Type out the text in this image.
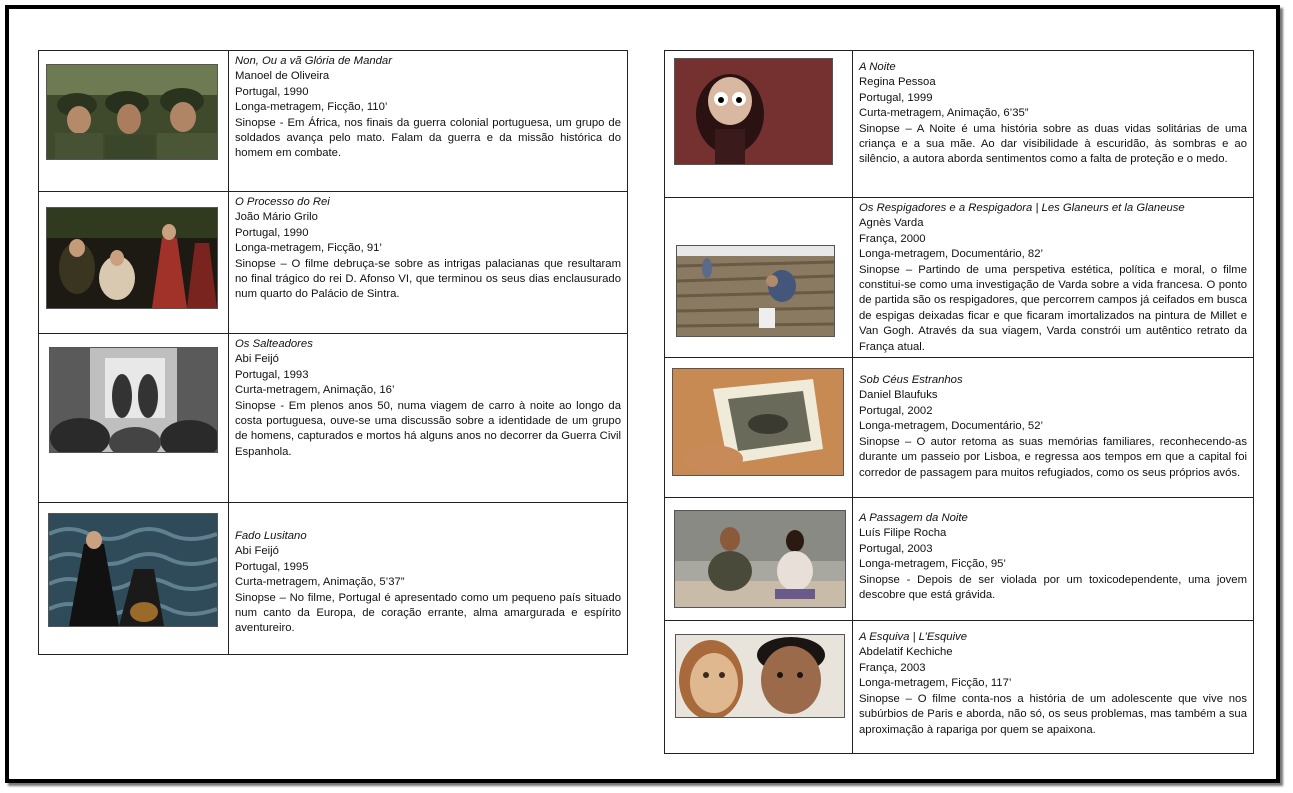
Non, Ou a vã Glória de Mandar
Manoel de Oliveira
Portugal, 1990
Longa-metragem, Ficção, 110’
Sinopse - Em África, nos finais da guerra colonial portuguesa, um grupo de soldados avança pelo mato. Falam da guerra e da missão histórica do homem em combate.

O Processo do Rei
João Mário Grilo
Portugal, 1990
Longa-metragem, Ficção, 91’
Sinopse – O filme debruça-se sobre as intrigas palacianas que resultaram no final trágico do rei D. Afonso VI, que terminou os seus dias enclausurado num quarto do Palácio de Sintra.

Os Salteadores
Abi Feijó
Portugal, 1993
Curta-metragem, Animação, 16’
Sinopse - Em plenos anos 50, numa viagem de carro à noite ao longo da costa portuguesa, ouve-se uma discussão sobre a identidade de um grupo de homens, capturados e mortos há alguns anos no decorrer da Guerra Civil Espanhola.

Fado Lusitano
Abi Feijó
Portugal, 1995
Curta-metragem, Animação, 5’37”
Sinopse – No filme, Portugal é apresentado como um pequeno país situado num canto da Europa, de coração errante, alma amargurada e espírito aventureiro.

A Noite
Regina Pessoa
Portugal, 1999
Curta-metragem, Animação, 6’35”
Sinopse – A Noite é uma história sobre as duas vidas solitárias de uma criança e a sua mãe. Ao dar visibilidade à escuridão, às sombras e ao silêncio, a autora aborda sentimentos como a falta de proteção e o medo.

Os Respigadores e a Respigadora | Les Glaneurs et la Glaneuse
Agnès Varda
França, 2000
Longa-metragem, Documentário, 82’
Sinopse – Partindo de uma perspetiva estética, política e moral, o filme constitui-se como uma investigação de Varda sobre a vida francesa. O ponto de partida são os respigadores, que percorrem campos já ceifados em busca de espigas deixadas ficar e que ficaram imortalizados na pintura de Millet e Van Gogh. Através da sua viagem, Varda constrói um autêntico retrato da França atual.

Sob Céus Estranhos
Daniel Blaufuks
Portugal, 2002
Longa-metragem, Documentário, 52’
Sinopse – O autor retoma as suas memórias familiares, reconhecendo-as durante um passeio por Lisboa, e regressa aos tempos em que a capital foi corredor de passagem para muitos refugiados, como os seus próprios avós.

A Passagem da Noite
Luís Filipe Rocha
Portugal, 2003
Longa-metragem, Ficção, 95’
Sinopse - Depois de ser violada por um toxicodependente, uma jovem descobre que está grávida.

A Esquiva | L’Esquive
Abdelatif Kechiche
França, 2003
Longa-metragem, Ficção, 117’
Sinopse – O filme conta-nos a história de um adolescente que vive nos subúrbios de Paris e aborda, não só, os seus problemas, mas também a sua aproximação à rapariga por quem se apaixona.
